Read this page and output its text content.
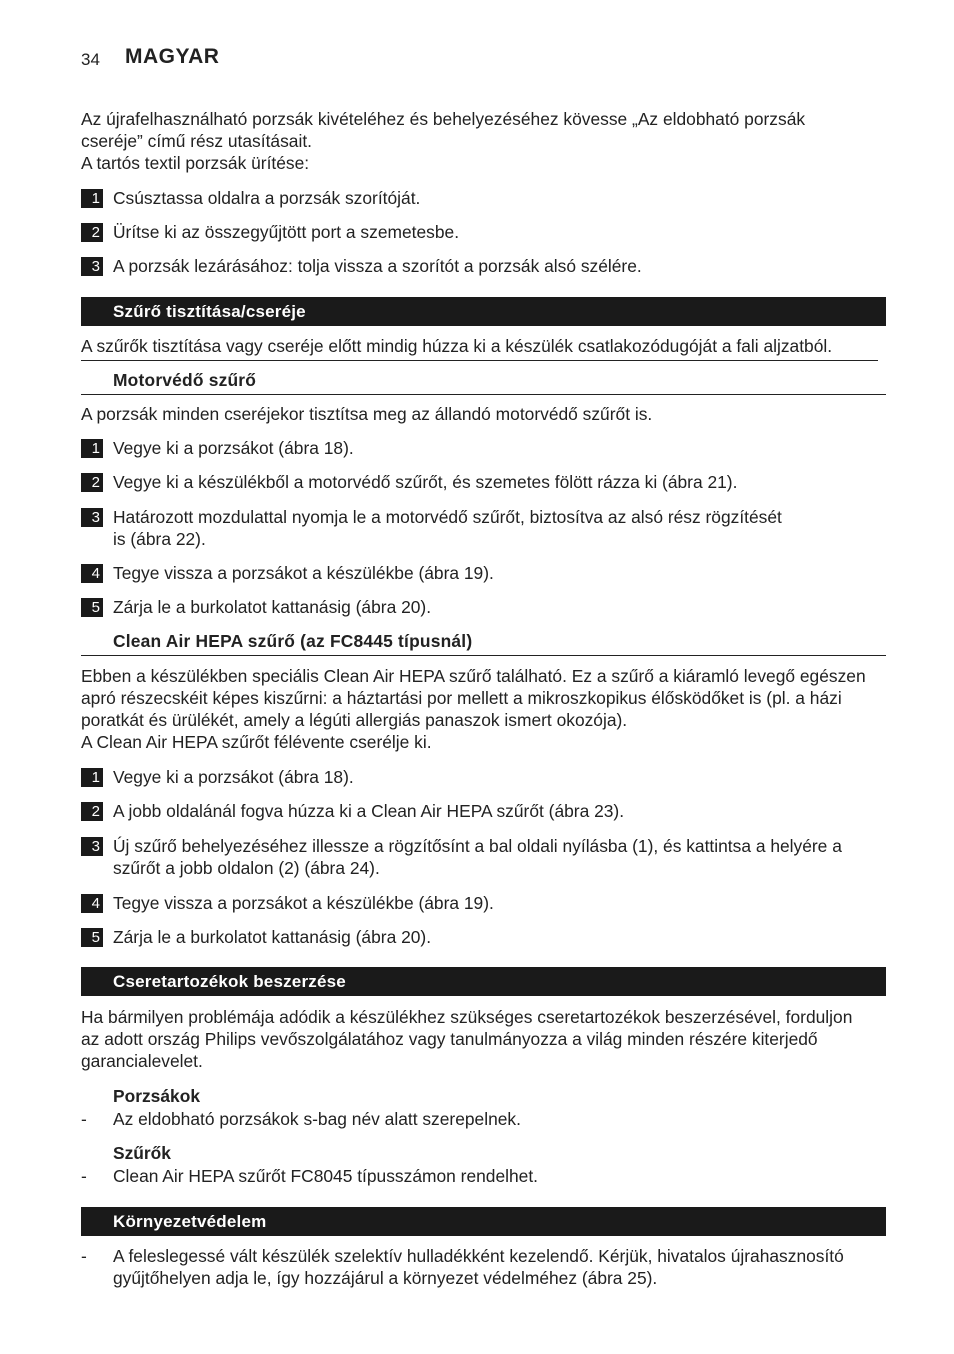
34 MAGYAR
Az újrafelhasználható porzsák kivételéhez és behelyezéséhez kövesse „Az eldobható porzsák
cseréje” című rész utasításait.
A tartós textil porzsák ürítése:
1 Csúsztassa oldalra a porzsák szorítóját.
2 Ürítse ki az összegyűjtött port a szemetesbe.
3 A porzsák lezárásához: tolja vissza a szorítót a porzsák alsó szélére.
Szűrő tisztítása/cseréje
A szűrők tisztítása vagy cseréje előtt mindig húzza ki a készülék csatlakozódugóját a fali aljzatból.
Motorvédő szűrő
A porzsák minden cseréjekor tisztítsa meg az állandó motorvédő szűrőt is.
1 Vegye ki a porzsákot (ábra 18).
2 Vegye ki a készülékből a motorvédő szűrőt, és szemetes fölött rázza ki (ábra 21).
3 Határozott mozdulattal nyomja le a motorvédő szűrőt, biztosítva az alsó rész rögzítését
is (ábra 22).
4 Tegye vissza a porzsákot a készülékbe (ábra 19).
5 Zárja le a burkolatot kattanásig (ábra 20).
Clean Air HEPA szűrő (az FC8445 típusnál)
Ebben a készülékben speciális Clean Air HEPA szűrő található. Ez a szűrő a kiáramló levegő egészen
apró részecskéit képes kiszűrni: a háztartási por mellett a mikroszkopikus élősködőket is (pl. a házi
poratkát és ürülékét, amely a légúti allergiás panaszok ismert okozója).
A Clean Air HEPA szűrőt félévente cserélje ki.
1 Vegye ki a porzsákot (ábra 18).
2 A jobb oldalánál fogva húzza ki a Clean Air HEPA szűrőt (ábra 23).
3 Új szűrő behelyezéséhez illessze a rögzítősínt a bal oldali nyílásba (1), és kattintsa a helyére a
szűrőt a jobb oldalon (2) (ábra 24).
4 Tegye vissza a porzsákot a készülékbe (ábra 19).
5 Zárja le a burkolatot kattanásig (ábra 20).
Cseretartozékok beszerzése
Ha bármilyen problémája adódik a készülékhez szükséges cseretartozékok beszerzésével, forduljon
az adott ország Philips vevőszolgálatához vagy tanulmányozza a világ minden részére kiterjedő
garancialevelet.
Porzsákok
- Az eldobható porzsákok s-bag név alatt szerepelnek.
Szűrők
- Clean Air HEPA szűrőt FC8045 típusszámon rendelhet.
Környezetvédelem
- A feleslegessé vált készülék szelektív hulladékként kezelendő. Kérjük, hivatalos újrahasznosító
gyűjtőhelyen adja le, így hozzájárul a környezet védelméhez (ábra 25).
